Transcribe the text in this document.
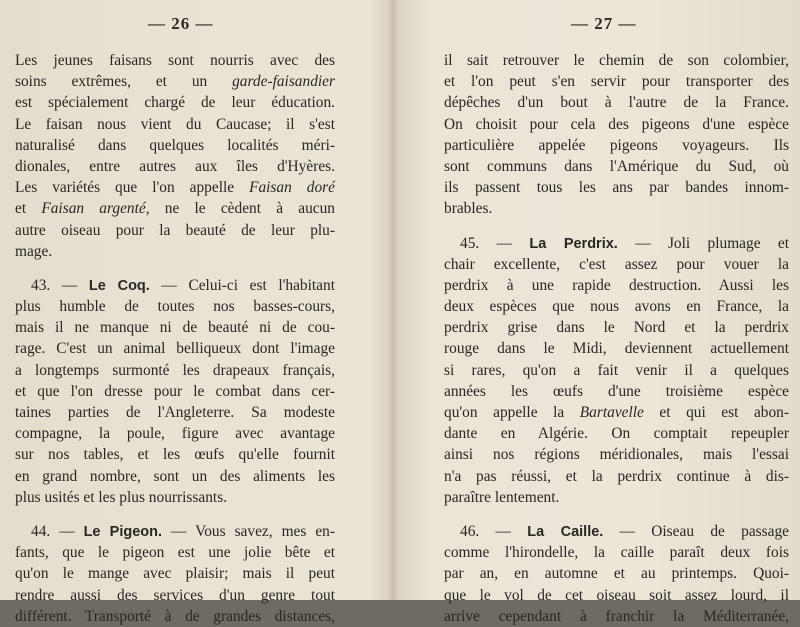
— 26 —
Les jeunes faisans sont nourris avec des
soins extrêmes, et un garde-faisandier
est spécialement chargé de leur éducation.
Le faisan nous vient du Caucase; il s'est
naturalisé dans quelques localités méri-
dionales, entre autres aux îles d'Hyères.
Les variétés que l'on appelle Faisan doré
et Faisan argenté, ne le cèdent à aucun
autre oiseau pour la beauté de leur plu-
mage.
43. — Le Coq. — Celui-ci est l'habitant
plus humble de toutes nos basses-cours,
mais il ne manque ni de beauté ni de cou-
rage. C'est un animal belliqueux dont l'image
a longtemps surmonté les drapeaux français,
et que l'on dresse pour le combat dans cer-
taines parties de l'Angleterre. Sa modeste
compagne, la poule, figure avec avantage
sur nos tables, et les œufs qu'elle fournit
en grand nombre, sont un des aliments les
plus usités et les plus nourrissants.
44. — Le Pigeon. — Vous savez, mes en-
fants, que le pigeon est une jolie bête et
qu'on le mange avec plaisir; mais il peut
rendre aussi des services d'un genre tout
différent. Transporté à de grandes distances,
— 27 —
il sait retrouver le chemin de son colombier,
et l'on peut s'en servir pour transporter des
dépêches d'un bout à l'autre de la France.
On choisit pour cela des pigeons d'une espèce
particulière appelée pigeons voyageurs. Ils
sont communs dans l'Amérique du Sud, où
ils passent tous les ans par bandes innom-
brables.
45. — La Perdrix. — Joli plumage et
chair excellente, c'est assez pour vouer la
perdrix à une rapide destruction. Aussi les
deux espèces que nous avons en France, la
perdrix grise dans le Nord et la perdrix
rouge dans le Midi, deviennent actuellement
si rares, qu'on a fait venir il a quelques
années les œufs d'une troisième espèce
qu'on appelle la Bartavelle et qui est abon-
dante en Algérie. On comptait repeupler
ainsi nos régions méridionales, mais l'essai
n'a pas réussi, et la perdrix continue à dis-
paraître lentement.
46. — La Caille. — Oiseau de passage
comme l'hirondelle, la caille paraît deux fois
par an, en automne et au printemps. Quoi-
que le vol de cet oiseau soit assez lourd, il
arrive cependant à franchir la Méditerranée,
